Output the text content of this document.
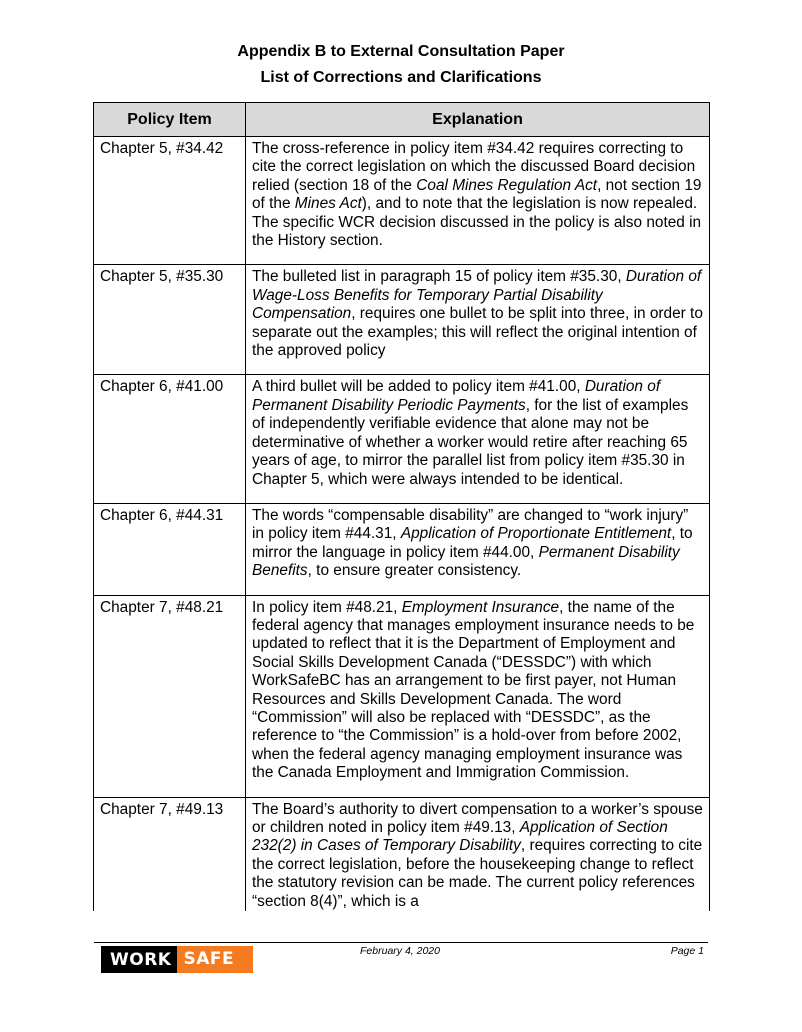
Appendix B to External Consultation Paper
List of Corrections and Clarifications
Policy Item	Explanation
Chapter 5, #34.42	The cross-reference in policy item #34.42 requires correcting to cite the correct legislation on which the discussed Board decision relied (section 18 of the Coal Mines Regulation Act, not section 19 of the Mines Act), and to note that the legislation is now repealed. The specific WCR decision discussed in the policy is also noted in the History section.
Chapter 5, #35.30	The bulleted list in paragraph 15 of policy item #35.30, Duration of Wage-Loss Benefits for Temporary Partial Disability Compensation, requires one bullet to be split into three, in order to separate out the examples; this will reflect the original intention of the approved policy
Chapter 6, #41.00	A third bullet will be added to policy item #41.00, Duration of Permanent Disability Periodic Payments, for the list of examples of independently verifiable evidence that alone may not be determinative of whether a worker would retire after reaching 65 years of age, to mirror the parallel list from policy item #35.30 in Chapter 5, which were always intended to be identical.
Chapter 6, #44.31	The words “compensable disability” are changed to “work injury” in policy item #44.31, Application of Proportionate Entitlement, to mirror the language in policy item #44.00, Permanent Disability Benefits, to ensure greater consistency.
Chapter 7, #48.21	In policy item #48.21, Employment Insurance, the name of the federal agency that manages employment insurance needs to be updated to reflect that it is the Department of Employment and Social Skills Development Canada (“DESSDC”) with which WorkSafeBC has an arrangement to be first payer, not Human Resources and Skills Development Canada. The word “Commission” will also be replaced with “DESSDC”, as the reference to “the Commission” is a hold-over from before 2002, when the federal agency managing employment insurance was the Canada Employment and Immigration Commission.
Chapter 7, #49.13	The Board’s authority to divert compensation to a worker’s spouse or children noted in policy item #49.13, Application of Section 232(2) in Cases of Temporary Disability, requires correcting to cite the correct legislation, before the housekeeping change to reflect the statutory revision can be made. The current policy references “section 8(4)”, which is a
WORK SAFE BC
February 4, 2020	Page 1
